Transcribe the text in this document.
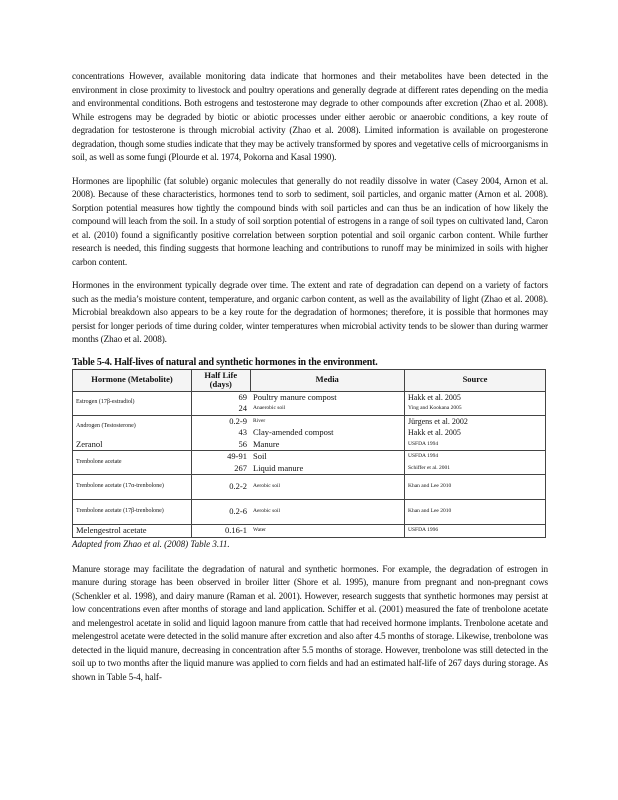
concentrations However, available monitoring data indicate that hormones and their metabolites have been detected in the environment in close proximity to livestock and poultry operations and generally degrade at different rates depending on the media and environmental conditions. Both estrogens and testosterone may degrade to other compounds after excretion (Zhao et al. 2008). While estrogens may be degraded by biotic or abiotic processes under either aerobic or anaerobic conditions, a key route of degradation for testosterone is through microbial activity (Zhao et al. 2008). Limited information is available on progesterone degradation, though some studies indicate that they may be actively transformed by spores and vegetative cells of microorganisms in soil, as well as some fungi (Plourde et al. 1974, Pokorna and Kasal 1990).

Hormones are lipophilic (fat soluble) organic molecules that generally do not readily dissolve in water (Casey 2004, Arnon et al. 2008). Because of these characteristics, hormones tend to sorb to sediment, soil particles, and organic matter (Arnon et al. 2008). Sorption potential measures how tightly the compound binds with soil particles and can thus be an indication of how likely the compound will leach from the soil. In a study of soil sorption potential of estrogens in a range of soil types on cultivated land, Caron et al. (2010) found a significantly positive correlation between sorption potential and soil organic carbon content. While further research is needed, this finding suggests that hormone leaching and contributions to runoff may be minimized in soils with higher carbon content.

Hormones in the environment typically degrade over time. The extent and rate of degradation can depend on a variety of factors such as the media’s moisture content, temperature, and organic carbon content, as well as the availability of light (Zhao et al. 2008). Microbial breakdown also appears to be a key route for the degradation of hormones; therefore, it is possible that hormones may persist for longer periods of time during colder, winter temperatures when microbial activity tends to be slower than during warmer months (Zhao et al. 2008).

Table 5-4. Half-lives of natural and synthetic hormones in the environment.
Hormone (Metabolite)	Half Life (days)	Media	Source
Estrogen (17β-estradiol)	69	Poultry manure compost	Hakk et al. 2005
	24	Anaerobic soil	Ying and Kookana 2005
Androgen (Testosterone)	0.2-9	River	Jürgens et al. 2002
	43	Clay-amended compost	Hakk et al. 2005
Zeranol	56	Manure	USFDA 1994
Trenbolone acetate	49-91	Soil	USFDA 1994
	267	Liquid manure	Schiffer et al. 2001
Trenbolone acetate (17α-trenbolone)	0.2-2	Aerobic soil	Khan and Lee 2010
Trenbolone acetate (17β-trenbolone)	0.2-6	Aerobic soil	Khan and Lee 2010
Melengestrol acetate	0.16-1	Water	USFDA 1996
Adapted from Zhao et al. (2008) Table 3.11.

Manure storage may facilitate the degradation of natural and synthetic hormones. For example, the degradation of estrogen in manure during storage has been observed in broiler litter (Shore et al. 1995), manure from pregnant and non-pregnant cows (Schenkler et al. 1998), and dairy manure (Raman et al. 2001). However, research suggests that synthetic hormones may persist at low concentrations even after months of storage and land application. Schiffer et al. (2001) measured the fate of trenbolone acetate and melengestrol acetate in solid and liquid lagoon manure from cattle that had received hormone implants. Trenbolone acetate and melengestrol acetate were detected in the solid manure after excretion and also after 4.5 months of storage. Likewise, trenbolone was detected in the liquid manure, decreasing in concentration after 5.5 months of storage. However, trenbolone was still detected in the soil up to two months after the liquid manure was applied to corn fields and had an estimated half-life of 267 days during storage. As shown in Table 5-4, half-
